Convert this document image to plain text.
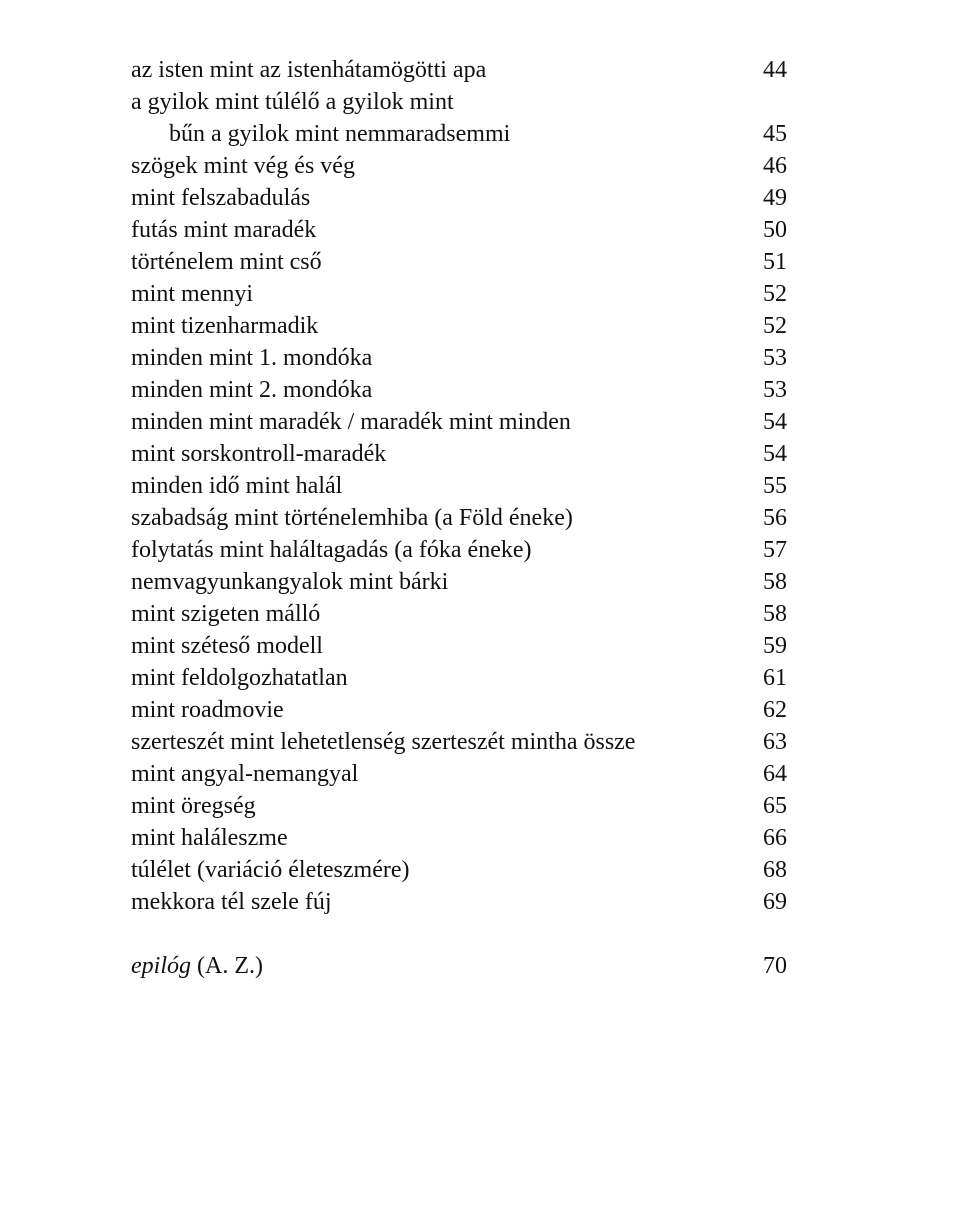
az isten mint az istenhátamögötti apa	44
a gyilok mint túlélő a gyilok mint
bűn a gyilok mint nemmaradsemmi	45
szögek mint vég és vég	46
mint felszabadulás	49
futás mint maradék	50
történelem mint cső	51
mint mennyi	52
mint tizenharmadik	52
minden mint 1. mondóka	53
minden mint 2. mondóka	53
minden mint maradék / maradék mint minden	54
mint sorskontroll-maradék	54
minden idő mint halál	55
szabadság mint történelemhiba (a Föld éneke)	56
folytatás mint haláltagadás (a fóka éneke)	57
nemvagyunkangyalok mint bárki	58
mint szigeten málló	58
mint széteső modell	59
mint feldolgozhatatlan	61
mint roadmovie	62
szerteszét mint lehetetlenség szerteszét mintha össze	63
mint angyal-nemangyal	64
mint öregség	65
mint haláleszme	66
túlélet (variáció életeszmére)	68
mekkora tél szele fúj	69
epilóg (A. Z.)	70
